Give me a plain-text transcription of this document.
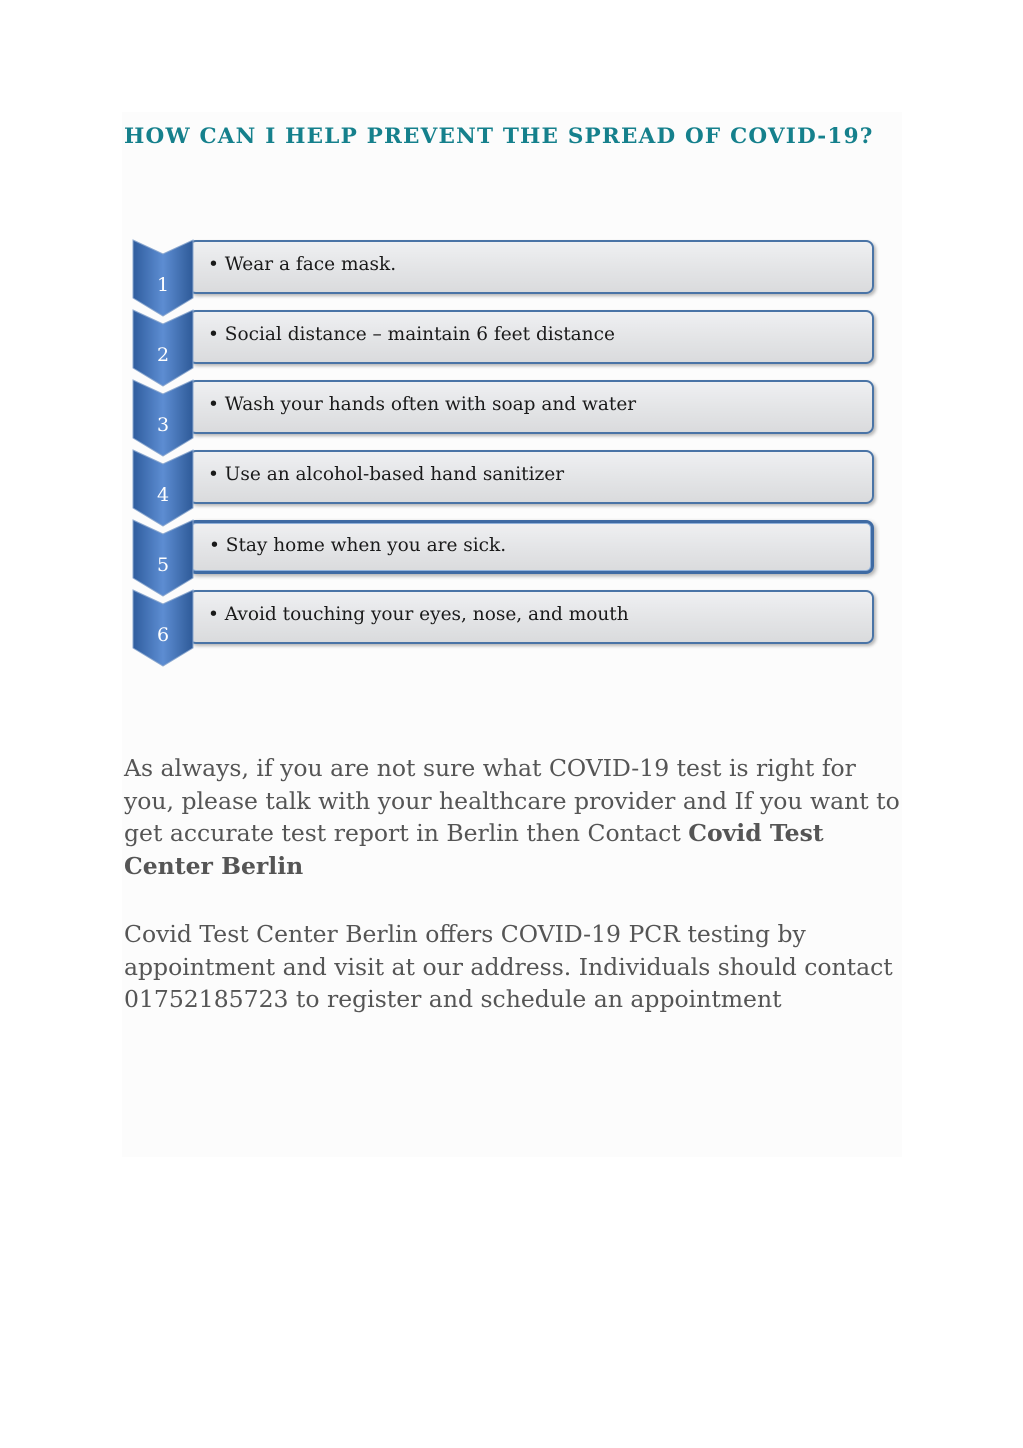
HOW CAN I HELP PREVENT THE SPREAD OF COVID-19?
• Wear a face mask.
1
• Social distance – maintain 6 feet distance
2
• Wash your hands often with soap and water
3
• Use an alcohol-based hand sanitizer
4
• Stay home when you are sick.
5
• Avoid touching your eyes, nose, and mouth
6

As always, if you are not sure what COVID-19 test is right for you, please talk with your healthcare provider and If you want to get accurate test report in Berlin then Contact Covid Test Center Berlin

Covid Test Center Berlin offers COVID-19 PCR testing by appointment and visit at our address. Individuals should contact 01752185723 to register and schedule an appointment
